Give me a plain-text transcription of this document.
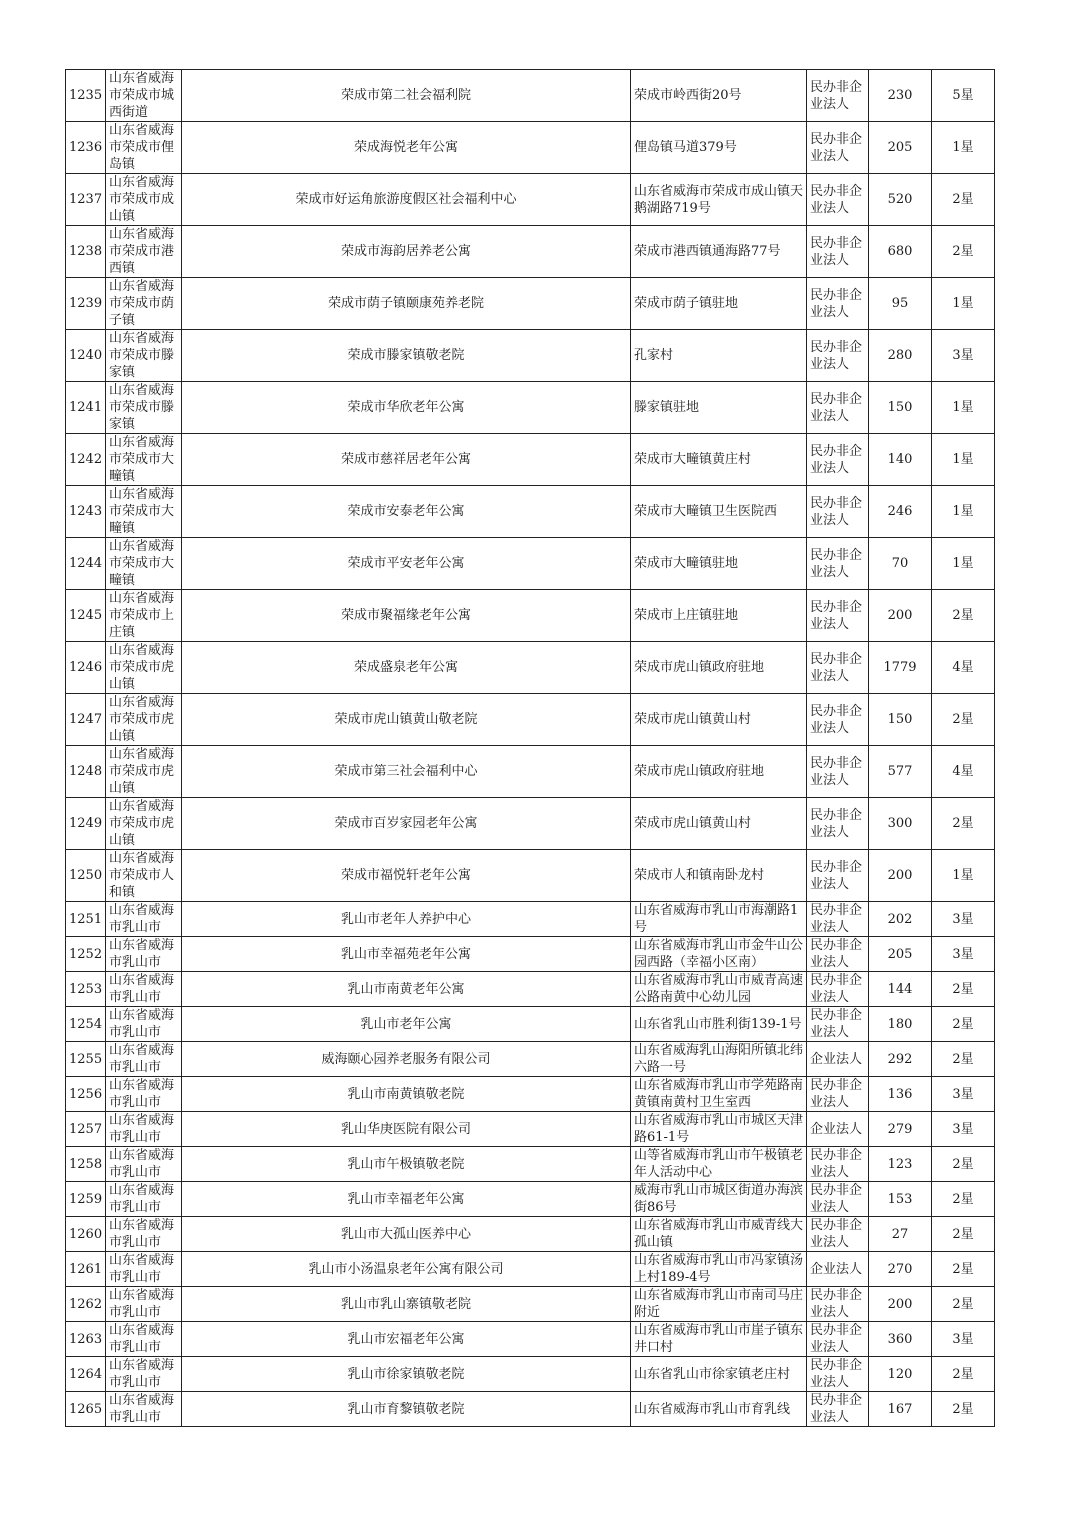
1235	山东省威海市荣成市城西街道	荣成市第二社会福利院	荣成市岭西街20号	民办非企业法人	230	5星
1236	山东省威海市荣成市俚岛镇	荣成海悦老年公寓	俚岛镇马道379号	民办非企业法人	205	1星
1237	山东省威海市荣成市成山镇	荣成市好运角旅游度假区社会福利中心	山东省威海市荣成市成山镇天鹅湖路719号	民办非企业法人	520	2星
1238	山东省威海市荣成市港西镇	荣成市海韵居养老公寓	荣成市港西镇通海路77号	民办非企业法人	680	2星
1239	山东省威海市荣成市荫子镇	荣成市荫子镇颐康苑养老院	荣成市荫子镇驻地	民办非企业法人	95	1星
1240	山东省威海市荣成市滕家镇	荣成市滕家镇敬老院	孔家村	民办非企业法人	280	3星
1241	山东省威海市荣成市滕家镇	荣成市华欣老年公寓	滕家镇驻地	民办非企业法人	150	1星
1242	山东省威海市荣成市大疃镇	荣成市慈祥居老年公寓	荣成市大疃镇黄庄村	民办非企业法人	140	1星
1243	山东省威海市荣成市大疃镇	荣成市安泰老年公寓	荣成市大疃镇卫生医院西	民办非企业法人	246	1星
1244	山东省威海市荣成市大疃镇	荣成市平安老年公寓	荣成市大疃镇驻地	民办非企业法人	70	1星
1245	山东省威海市荣成市上庄镇	荣成市聚福缘老年公寓	荣成市上庄镇驻地	民办非企业法人	200	2星
1246	山东省威海市荣成市虎山镇	荣成盛泉老年公寓	荣成市虎山镇政府驻地	民办非企业法人	1779	4星
1247	山东省威海市荣成市虎山镇	荣成市虎山镇黄山敬老院	荣成市虎山镇黄山村	民办非企业法人	150	2星
1248	山东省威海市荣成市虎山镇	荣成市第三社会福利中心	荣成市虎山镇政府驻地	民办非企业法人	577	4星
1249	山东省威海市荣成市虎山镇	荣成市百岁家园老年公寓	荣成市虎山镇黄山村	民办非企业法人	300	2星
1250	山东省威海市荣成市人和镇	荣成市福悦轩老年公寓	荣成市人和镇南卧龙村	民办非企业法人	200	1星
1251	山东省威海市乳山市	乳山市老年人养护中心	山东省威海市乳山市海潮路1号	民办非企业法人	202	3星
1252	山东省威海市乳山市	乳山市幸福苑老年公寓	山东省威海市乳山市金牛山公园西路（幸福小区南）	民办非企业法人	205	3星
1253	山东省威海市乳山市	乳山市南黄老年公寓	山东省威海市乳山市威青高速公路南黄中心幼儿园	民办非企业法人	144	2星
1254	山东省威海市乳山市	乳山市老年公寓	山东省乳山市胜利街139-1号	民办非企业法人	180	2星
1255	山东省威海市乳山市	威海颐心园养老服务有限公司	山东省威海乳山海阳所镇北纬 六路一号	企业法人	292	2星
1256	山东省威海市乳山市	乳山市南黄镇敬老院	山东省威海市乳山市学苑路南黄镇南黄村卫生室西	民办非企业法人	136	3星
1257	山东省威海市乳山市	乳山华庚医院有限公司	山东省威海市乳山市城区天津路61-1号	企业法人	279	3星
1258	山东省威海市乳山市	乳山市午极镇敬老院	山等省威海市乳山市午极镇老年人活动中心	民办非企业法人	123	2星
1259	山东省威海市乳山市	乳山市幸福老年公寓	威海市乳山市城区街道办海滨街86号	民办非企业法人	153	2星
1260	山东省威海市乳山市	乳山市大孤山医养中心	山东省威海市乳山市威青线大孤山镇	民办非企业法人	27	2星
1261	山东省威海市乳山市	乳山市小汤温泉老年公寓有限公司	山东省威海市乳山市冯家镇汤上村189-4号	企业法人	270	2星
1262	山东省威海市乳山市	乳山市乳山寨镇敬老院	山东省威海市乳山市南司马庄附近	民办非企业法人	200	2星
1263	山东省威海市乳山市	乳山市宏福老年公寓	山东省威海市乳山市崖子镇东井口村	民办非企业法人	360	3星
1264	山东省威海市乳山市	乳山市徐家镇敬老院	山东省乳山市徐家镇老庄村	民办非企业法人	120	2星
1265	山东省威海市乳山市	乳山市育黎镇敬老院	山东省威海市乳山市育乳线	民办非企业法人	167	2星
